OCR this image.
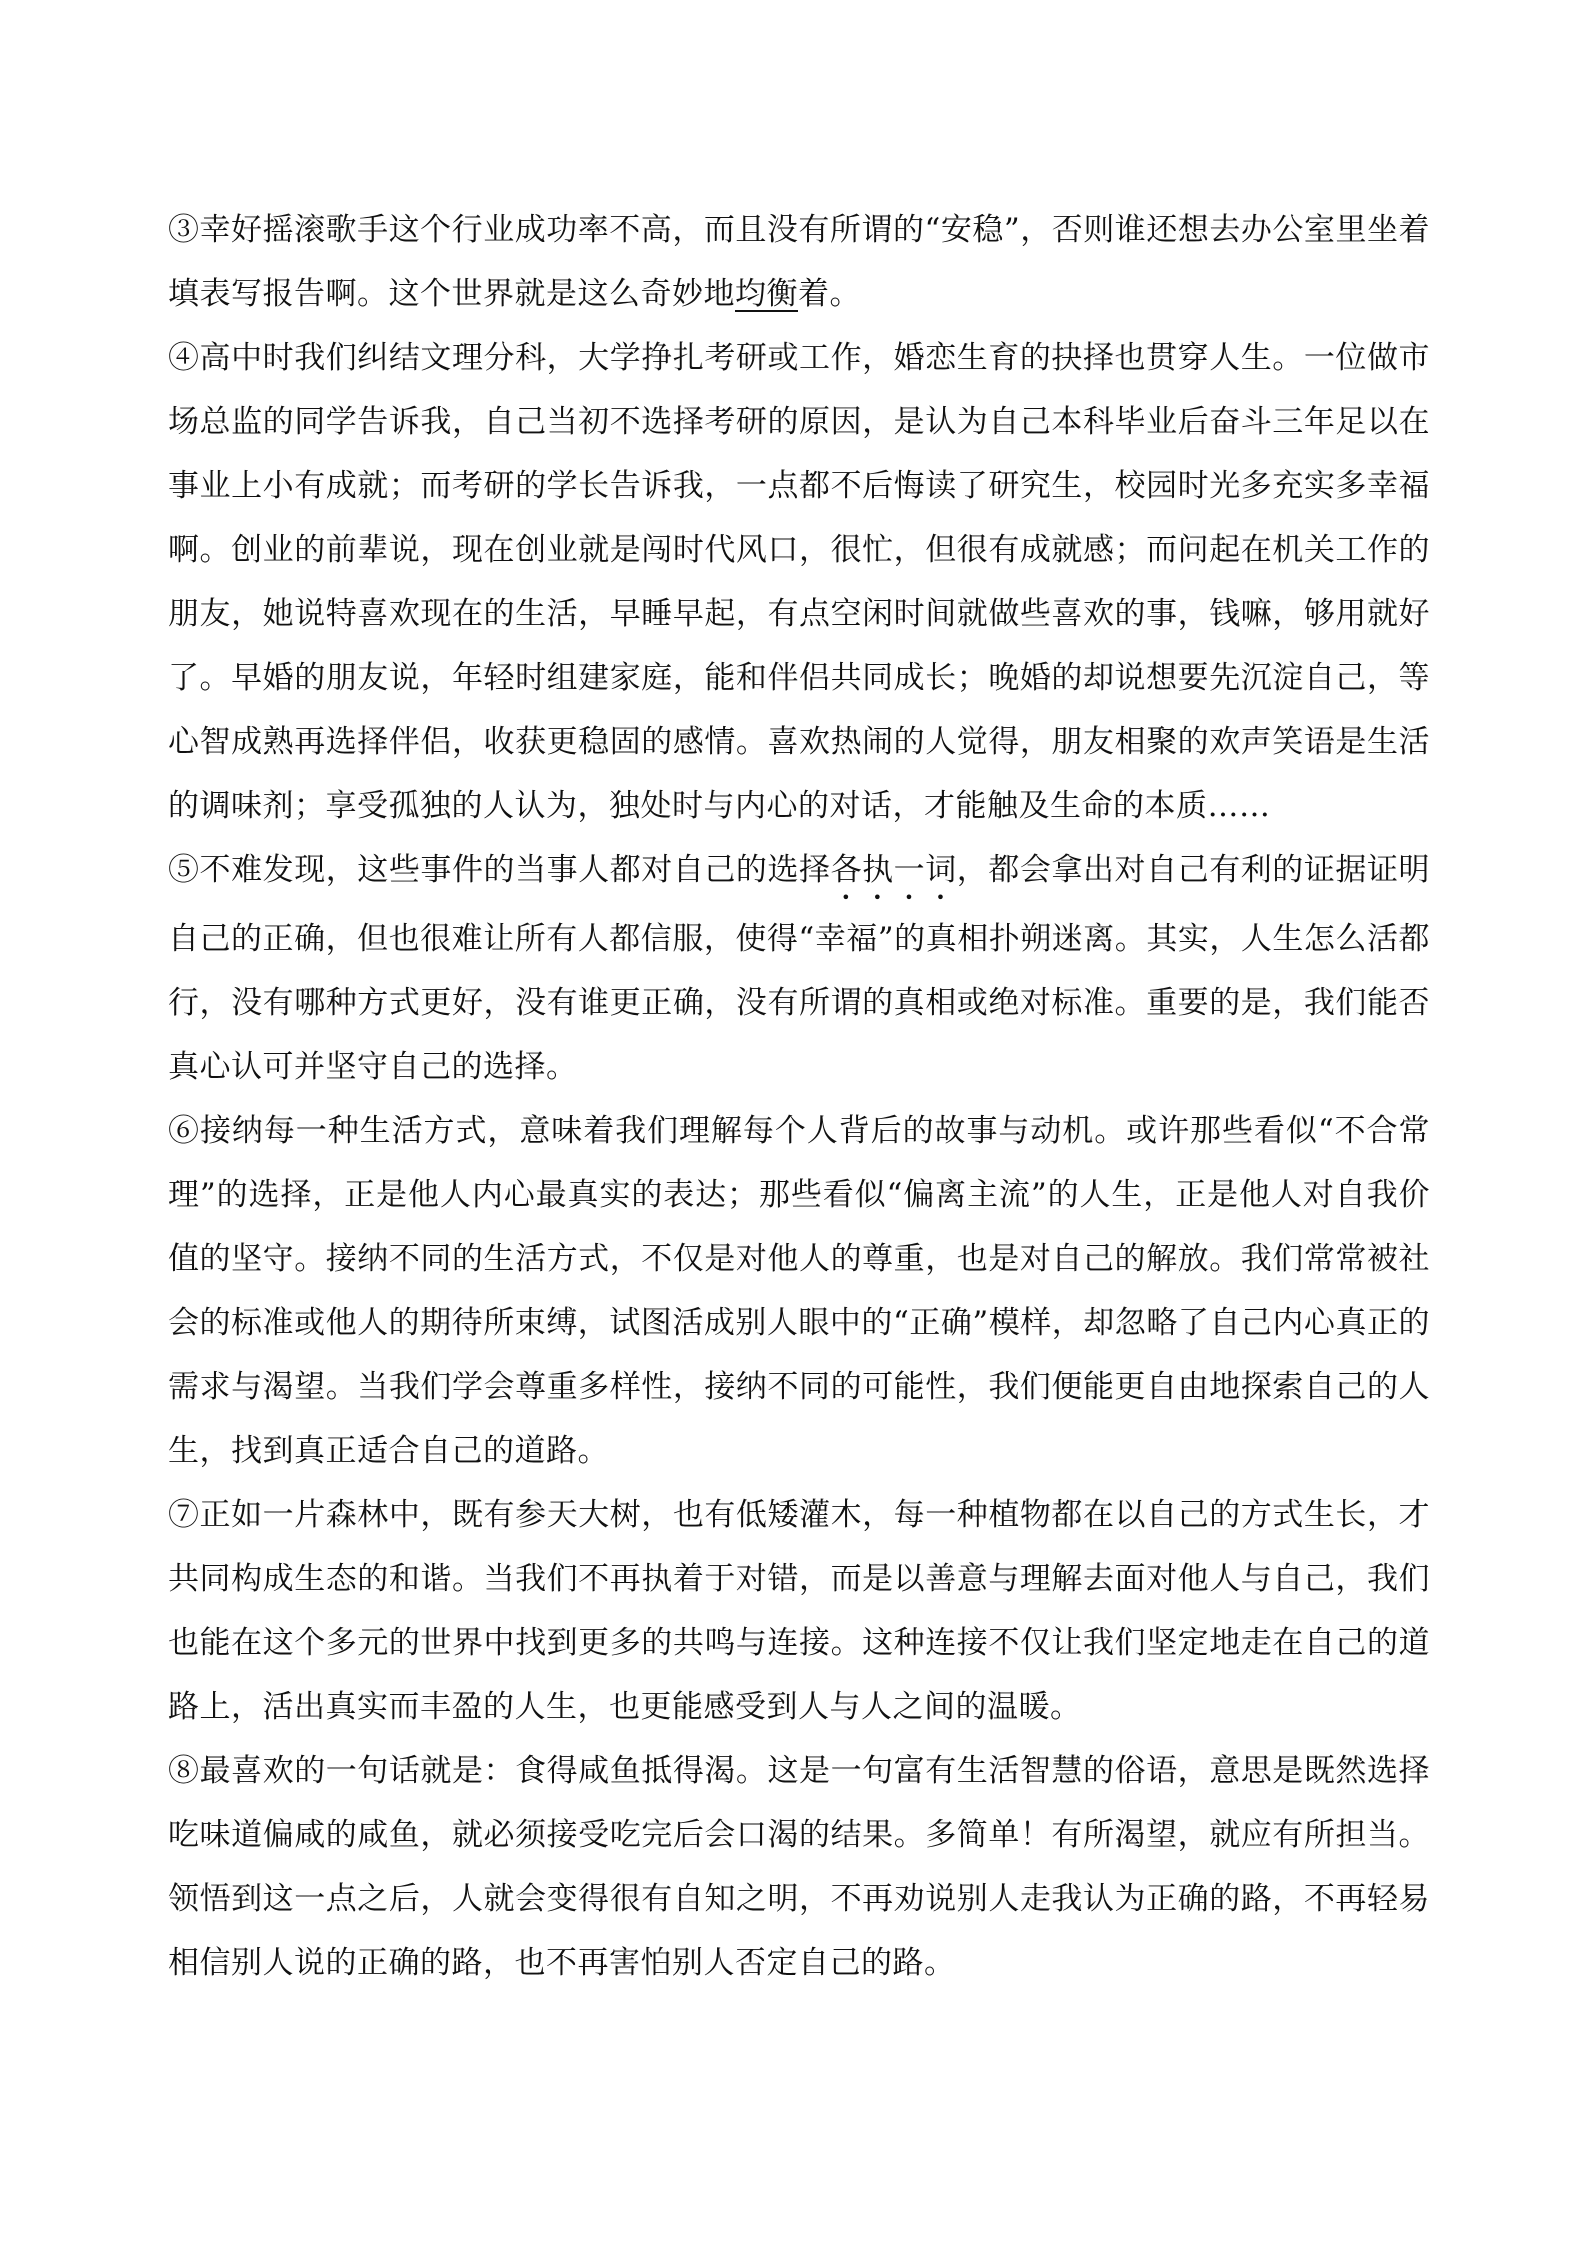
③幸好摇滚歌手这个行业成功率不高，而且没有所谓的“安稳”，否则谁还想去办公室里坐着填表写报告啊。这个世界就是这么奇妙地均衡着。

④高中时我们纠结文理分科，大学挣扎考研或工作，婚恋生育的抉择也贯穿人生。一位做市场总监的同学告诉我，自己当初不选择考研的原因，是认为自己本科毕业后奋斗三年足以在事业上小有成就；而考研的学长告诉我，一点都不后悔读了研究生，校园时光多充实多幸福啊。创业的前辈说，现在创业就是闯时代风口，很忙，但很有成就感；而问起在机关工作的朋友，她说特喜欢现在的生活，早睡早起，有点空闲时间就做些喜欢的事，钱嘛，够用就好了。早婚的朋友说，年轻时组建家庭，能和伴侣共同成长；晚婚的却说想要先沉淀自己，等心智成熟再选择伴侣，收获更稳固的感情。喜欢热闹的人觉得，朋友相聚的欢声笑语是生活的调味剂；享受孤独的人认为，独处时与内心的对话，才能触及生命的本质……

⑤不难发现，这些事件的当事人都对自己的选择各执一词，都会拿出对自己有利的证据证明自己的正确，但也很难让所有人都信服，使得“幸福”的真相扑朔迷离。其实，人生怎么活都行，没有哪种方式更好，没有谁更正确，没有所谓的真相或绝对标准。重要的是，我们能否真心认可并坚守自己的选择。

⑥接纳每一种生活方式，意味着我们理解每个人背后的故事与动机。或许那些看似“不合常理”的选择，正是他人内心最真实的表达；那些看似“偏离主流”的人生，正是他人对自我价值的坚守。接纳不同的生活方式，不仅是对他人的尊重，也是对自己的解放。我们常常被社会的标准或他人的期待所束缚，试图活成别人眼中的“正确”模样，却忽略了自己内心真正的需求与渴望。当我们学会尊重多样性，接纳不同的可能性，我们便能更自由地探索自己的人生，找到真正适合自己的道路。

⑦正如一片森林中，既有参天大树，也有低矮灌木，每一种植物都在以自己的方式生长，才共同构成生态的和谐。当我们不再执着于对错，而是以善意与理解去面对他人与自己，我们也能在这个多元的世界中找到更多的共鸣与连接。这种连接不仅让我们坚定地走在自己的道路上，活出真实而丰盈的人生，也更能感受到人与人之间的温暖。

⑧最喜欢的一句话就是：食得咸鱼抵得渴。这是一句富有生活智慧的俗语，意思是既然选择吃味道偏咸的咸鱼，就必须接受吃完后会口渴的结果。多简单！有所渴望，就应有所担当。领悟到这一点之后，人就会变得很有自知之明，不再劝说别人走我认为正确的路，不再轻易相信别人说的正确的路，也不再害怕别人否定自己的路。
